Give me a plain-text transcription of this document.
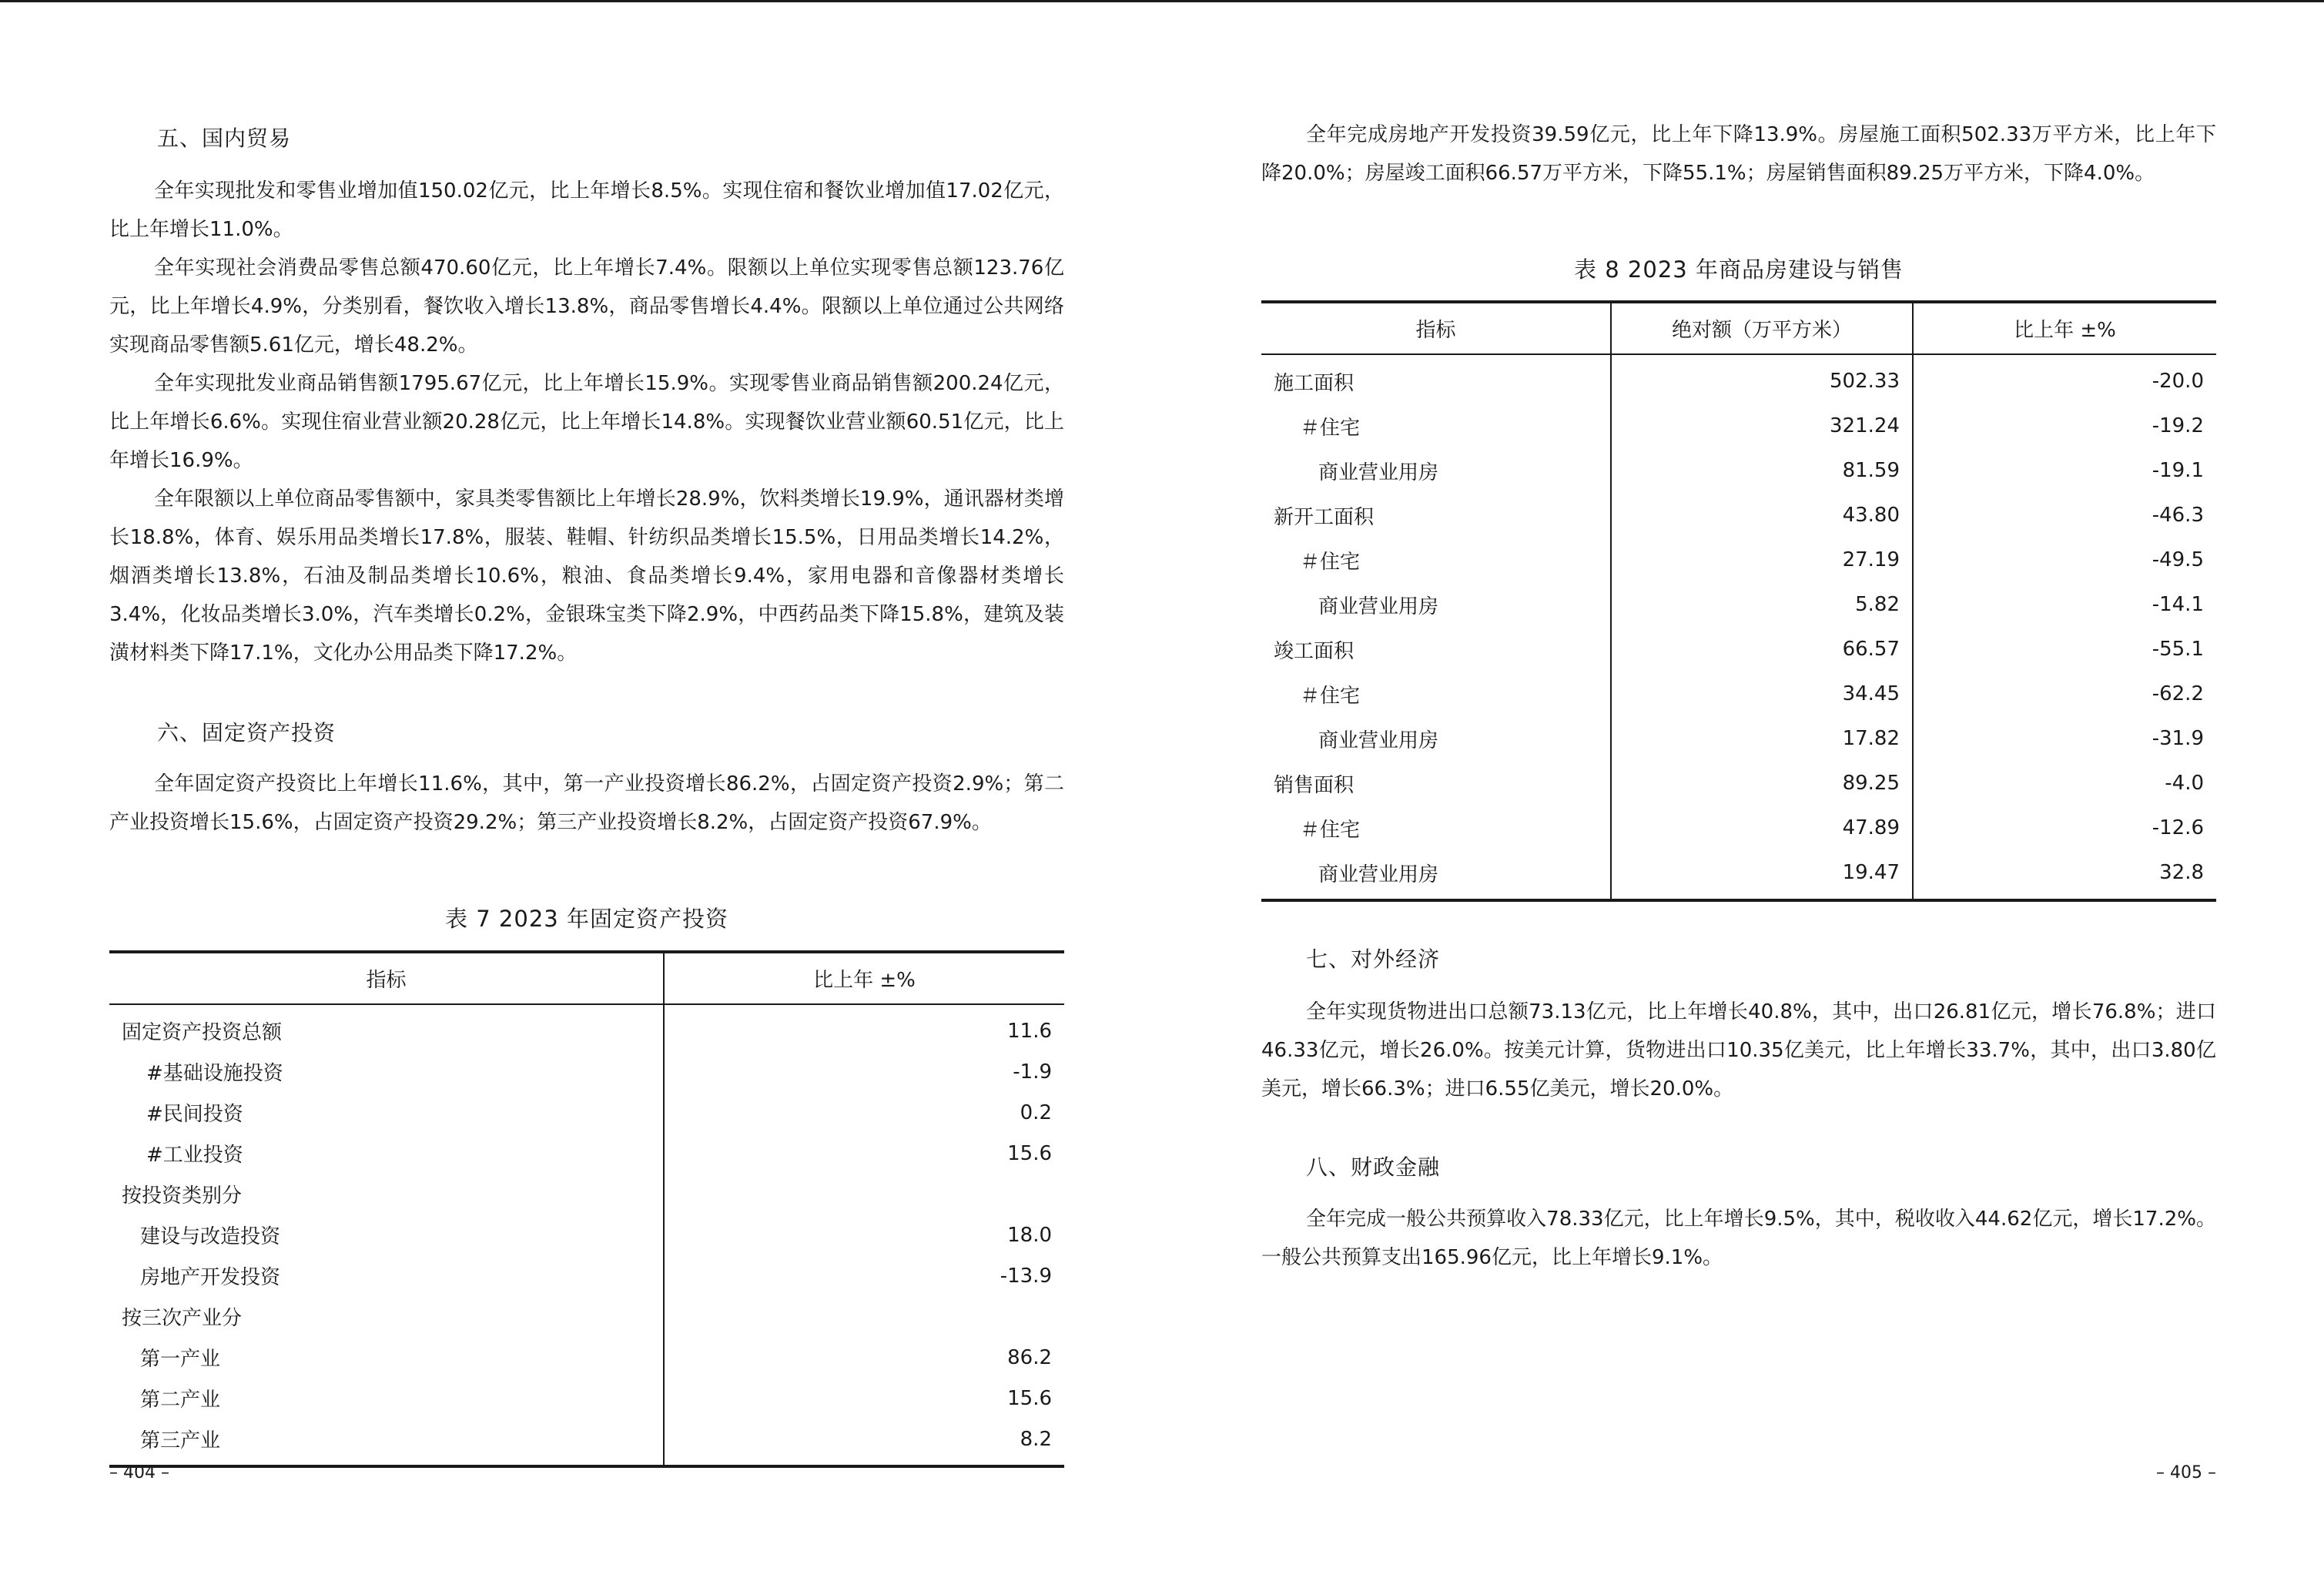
五、国内贸易

全年实现批发和零售业增加值150.02亿元，比上年增长8.5%。实现住宿和餐饮业增加值17.02亿元，比上年增长11.0%。

全年实现社会消费品零售总额470.60亿元，比上年增长7.4%。限额以上单位实现零售总额123.76亿元，比上年增长4.9%，分类别看，餐饮收入增长13.8%，商品零售增长4.4%。限额以上单位通过公共网络实现商品零售额5.61亿元，增长48.2%。

全年实现批发业商品销售额1795.67亿元，比上年增长15.9%。实现零售业商品销售额200.24亿元，比上年增长6.6%。实现住宿业营业额20.28亿元，比上年增长14.8%。实现餐饮业营业额60.51亿元，比上年增长16.9%。

全年限额以上单位商品零售额中，家具类零售额比上年增长28.9%，饮料类增长19.9%，通讯器材类增长18.8%，体育、娱乐用品类增长17.8%，服装、鞋帽、针纺织品类增长15.5%，日用品类增长14.2%，烟酒类增长13.8%，石油及制品类增长10.6%，粮油、食品类增长9.4%，家用电器和音像器材类增长3.4%，化妆品类增长3.0%，汽车类增长0.2%，金银珠宝类下降2.9%，中西药品类下降15.8%，建筑及装潢材料类下降17.1%，文化办公用品类下降17.2%。

六、固定资产投资

全年固定资产投资比上年增长11.6%，其中，第一产业投资增长86.2%，占固定资产投资2.9%；第二产业投资增长15.6%，占固定资产投资29.2%；第三产业投资增长8.2%，占固定资产投资67.9%。

表 7 2023 年固定资产投资

指标	比上年 ±%
固定资产投资总额	11.6
#基础设施投资	-1.9
#民间投资	0.2
#工业投资	15.6
按投资类别分	
建设与改造投资	18.0
房地产开发投资	-13.9
按三次产业分	
第一产业	86.2
第二产业	15.6
第三产业	8.2

– 404 –

全年完成房地产开发投资39.59亿元，比上年下降13.9%。房屋施工面积502.33万平方米，比上年下降20.0%；房屋竣工面积66.57万平方米，下降55.1%；房屋销售面积89.25万平方米，下降4.0%。

表 8 2023 年商品房建设与销售

指标	绝对额（万平方米）	比上年 ±%
施工面积	502.33	-20.0
＃住宅	321.24	-19.2
商业营业用房	81.59	-19.1
新开工面积	43.80	-46.3
＃住宅	27.19	-49.5
商业营业用房	5.82	-14.1
竣工面积	66.57	-55.1
＃住宅	34.45	-62.2
商业营业用房	17.82	-31.9
销售面积	89.25	-4.0
＃住宅	47.89	-12.6
商业营业用房	19.47	32.8
七、对外经济

全年实现货物进出口总额73.13亿元，比上年增长40.8%，其中，出口26.81亿元，增长76.8%；进口46.33亿元，增长26.0%。按美元计算，货物进出口10.35亿美元，比上年增长33.7%，其中，出口3.80亿美元，增长66.3%；进口6.55亿美元，增长20.0%。

八、财政金融

全年完成一般公共预算收入78.33亿元，比上年增长9.5%，其中，税收收入44.62亿元，增长17.2%。一般公共预算支出165.96亿元，比上年增长9.1%。

– 405 –
